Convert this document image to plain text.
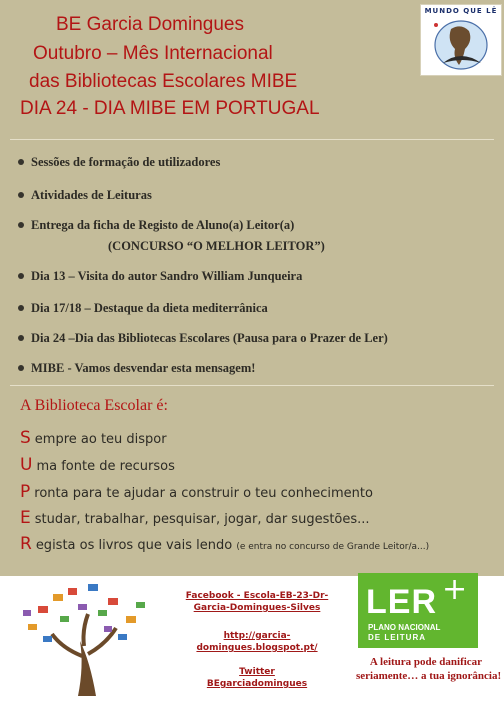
BE Garcia Domingues
Outubro – Mês Internacional
das Bibliotecas Escolares MIBE
DIA 24 - DIA MIBE EM PORTUGAL
MUNDO QUE LÊ
Sessões de formação de utilizadores
Atividades de Leituras
Entrega da ficha de Registo de Aluno(a) Leitor(a)
(CONCURSO “O MELHOR LEITOR”)
Dia 13 – Visita do autor Sandro William Junqueira
Dia 17/18 – Destaque da dieta mediterrânica
Dia 24 –Dia das Bibliotecas Escolares (Pausa para o Prazer de Ler)
MIBE - Vamos desvendar esta mensagem!
A Biblioteca Escolar é:
S empre ao teu dispor
U ma fonte de recursos
P ronta para te ajudar a construir o teu conhecimento
E studar, trabalhar, pesquisar, jogar, dar sugestões...
R egista os livros que vais lendo (e entra no concurso de Grande Leitor/a...)
Facebook - Escola-EB-23-Dr-
Garcia-Domingues-Silves
http://garcia-
domingues.blogspot.pt/
Twitter
BEgarciadomingues
LER +
PLANO NACIONAL
DE LEITURA
A leitura pode danificar
seriamente… a tua ignorância!
